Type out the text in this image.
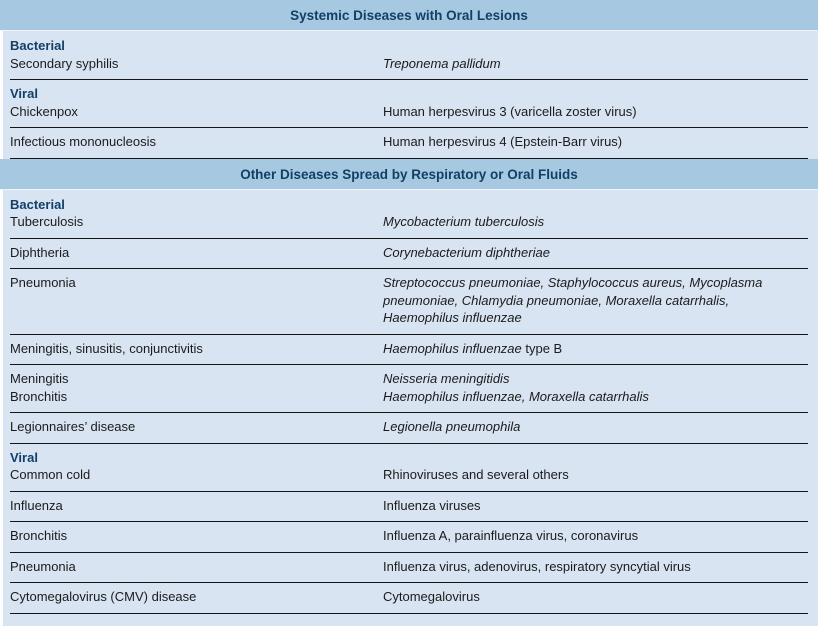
Systemic Diseases with Oral Lesions
Bacterial
Secondary syphilis	Treponema pallidum
Viral
Chickenpox	Human herpesvirus 3 (varicella zoster virus)
Infectious mononucleosis	Human herpesvirus 4 (Epstein-Barr virus)
Other Diseases Spread by Respiratory or Oral Fluids
Bacterial
Tuberculosis	Mycobacterium tuberculosis
Diphtheria	Corynebacterium diphtheriae
Pneumonia	Streptococcus pneumoniae, Staphylococcus aureus, Mycoplasma pneumoniae, Chlamydia pneumoniae, Moraxella catarrhalis, Haemophilus influenzae
Meningitis, sinusitis, conjunctivitis	Haemophilus influenzae type B
Meningitis	Neisseria meningitidis
Bronchitis	Haemophilus influenzae, Moraxella catarrhalis
Legionnaires’ disease	Legionella pneumophila
Viral
Common cold	Rhinoviruses and several others
Influenza	Influenza viruses
Bronchitis	Influenza A, parainfluenza virus, coronavirus
Pneumonia	Influenza virus, adenovirus, respiratory syncytial virus
Cytomegalovirus (CMV) disease	Cytomegalovirus
